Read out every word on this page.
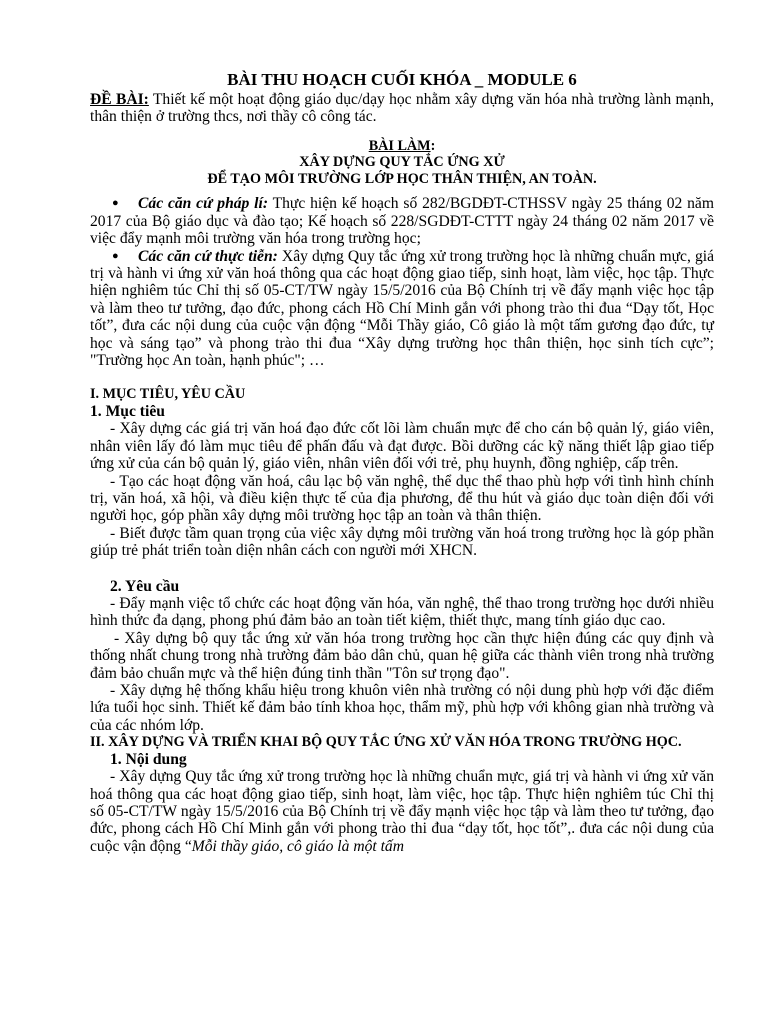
BÀI THU HOẠCH CUỐI KHÓA _ MODULE 6

ĐỀ BÀI: Thiết kế một hoạt động giáo dục/dạy học nhằm xây dựng văn hóa nhà trường lành mạnh, thân thiện ở trường thcs, nơi thầy cô công tác.

BÀI LÀM:

XÂY DỰNG QUY TẮC ỨNG XỬ

ĐỂ TẠO MÔI TRƯỜNG LỚP HỌC THÂN THIỆN, AN TOÀN.

● Các căn cứ pháp lí: Thực hiện kế hoạch số 282/BGDĐT-CTHSSV ngày 25 tháng 02 năm 2017 của Bộ giáo dục và đào tạo; Kế hoạch số 228/SGDĐT-CTTT ngày 24 tháng 02 năm 2017 về việc đẩy mạnh môi trường văn hóa trong trường học;

● Các căn cứ thực tiễn: Xây dựng Quy tắc ứng xử trong trường học là những chuẩn mực, giá trị và hành vi ứng xử văn hoá thông qua các hoạt động giao tiếp, sinh hoạt, làm việc, học tập. Thực hiện nghiêm túc Chỉ thị số 05-CT/TW ngày 15/5/2016 của Bộ Chính trị về đẩy mạnh việc học tập và làm theo tư tưởng, đạo đức, phong cách Hồ Chí Minh gắn với phong trào thi đua “Dạy tốt, Học tốt”, đưa các nội dung của cuộc vận động “Mỗi Thầy giáo, Cô giáo là một tấm gương đạo đức, tự học và sáng tạo” và phong trào thi đua “Xây dựng trường học thân thiện, học sinh tích cực”; "Trường học An toàn, hạnh phúc"; …

I. MỤC TIÊU, YÊU CẦU

1. Mục tiêu

- Xây dựng các giá trị văn hoá đạo đức cốt lõi làm chuẩn mực để cho cán bộ quản lý, giáo viên, nhân viên lấy đó làm mục tiêu để phấn đấu và đạt được. Bồi dưỡng các kỹ năng thiết lập giao tiếp ứng xử của cán bộ quản lý, giáo viên, nhân viên đối với trẻ, phụ huynh, đồng nghiệp, cấp trên.

- Tạo các hoạt động văn hoá, câu lạc bộ văn nghệ, thể dục thể thao phù hợp với tình hình chính trị, văn hoá, xã hội, và điều kiện thực tế của địa phương, để thu hút và giáo dục toàn diện đối với người học, góp phần xây dựng môi trường học tập an toàn và thân thiện.

- Biết được tầm quan trọng của việc xây dựng môi trường văn hoá trong trường học là góp phần giúp trẻ phát triển toàn diện nhân cách con người mới XHCN.

2. Yêu cầu

- Đẩy mạnh việc tổ chức các hoạt động văn hóa, văn nghệ, thể thao trong trường học dưới nhiều hình thức đa dạng, phong phú đảm bảo an toàn tiết kiệm, thiết thực, mang tính giáo dục cao.

- Xây dựng bộ quy tắc ứng xử văn hóa trong trường học cần thực hiện đúng các quy định và thống nhất chung trong nhà trường đảm bảo dân chủ, quan hệ giữa các thành viên trong nhà trường đảm bảo chuẩn mực và thể hiện đúng tinh thần "Tôn sư trọng đạo".

- Xây dựng hệ thống khẩu hiệu trong khuôn viên nhà trường có nội dung phù hợp với đặc điểm lứa tuổi học sinh. Thiết kế đảm bảo tính khoa học, thẩm mỹ, phù hợp với không gian nhà trường và của các nhóm lớp.

II. XÂY DỰNG VÀ TRIỂN KHAI BỘ QUY TẮC ỨNG XỬ VĂN HÓA TRONG TRƯỜNG HỌC.

1. Nội dung

- Xây dựng Quy tắc ứng xử trong trường học là những chuẩn mực, giá trị và hành vi ứng xử văn hoá thông qua các hoạt động giao tiếp, sinh hoạt, làm việc, học tập. Thực hiện nghiêm túc Chỉ thị số 05-CT/TW ngày 15/5/2016 của Bộ Chính trị về đẩy mạnh việc học tập và làm theo tư tưởng, đạo đức, phong cách Hồ Chí Minh gắn với phong trào thi đua “dạy tốt, học tốt”,. đưa các nội dung của cuộc vận động “Mỗi thầy giáo, cô giáo là một tấm
